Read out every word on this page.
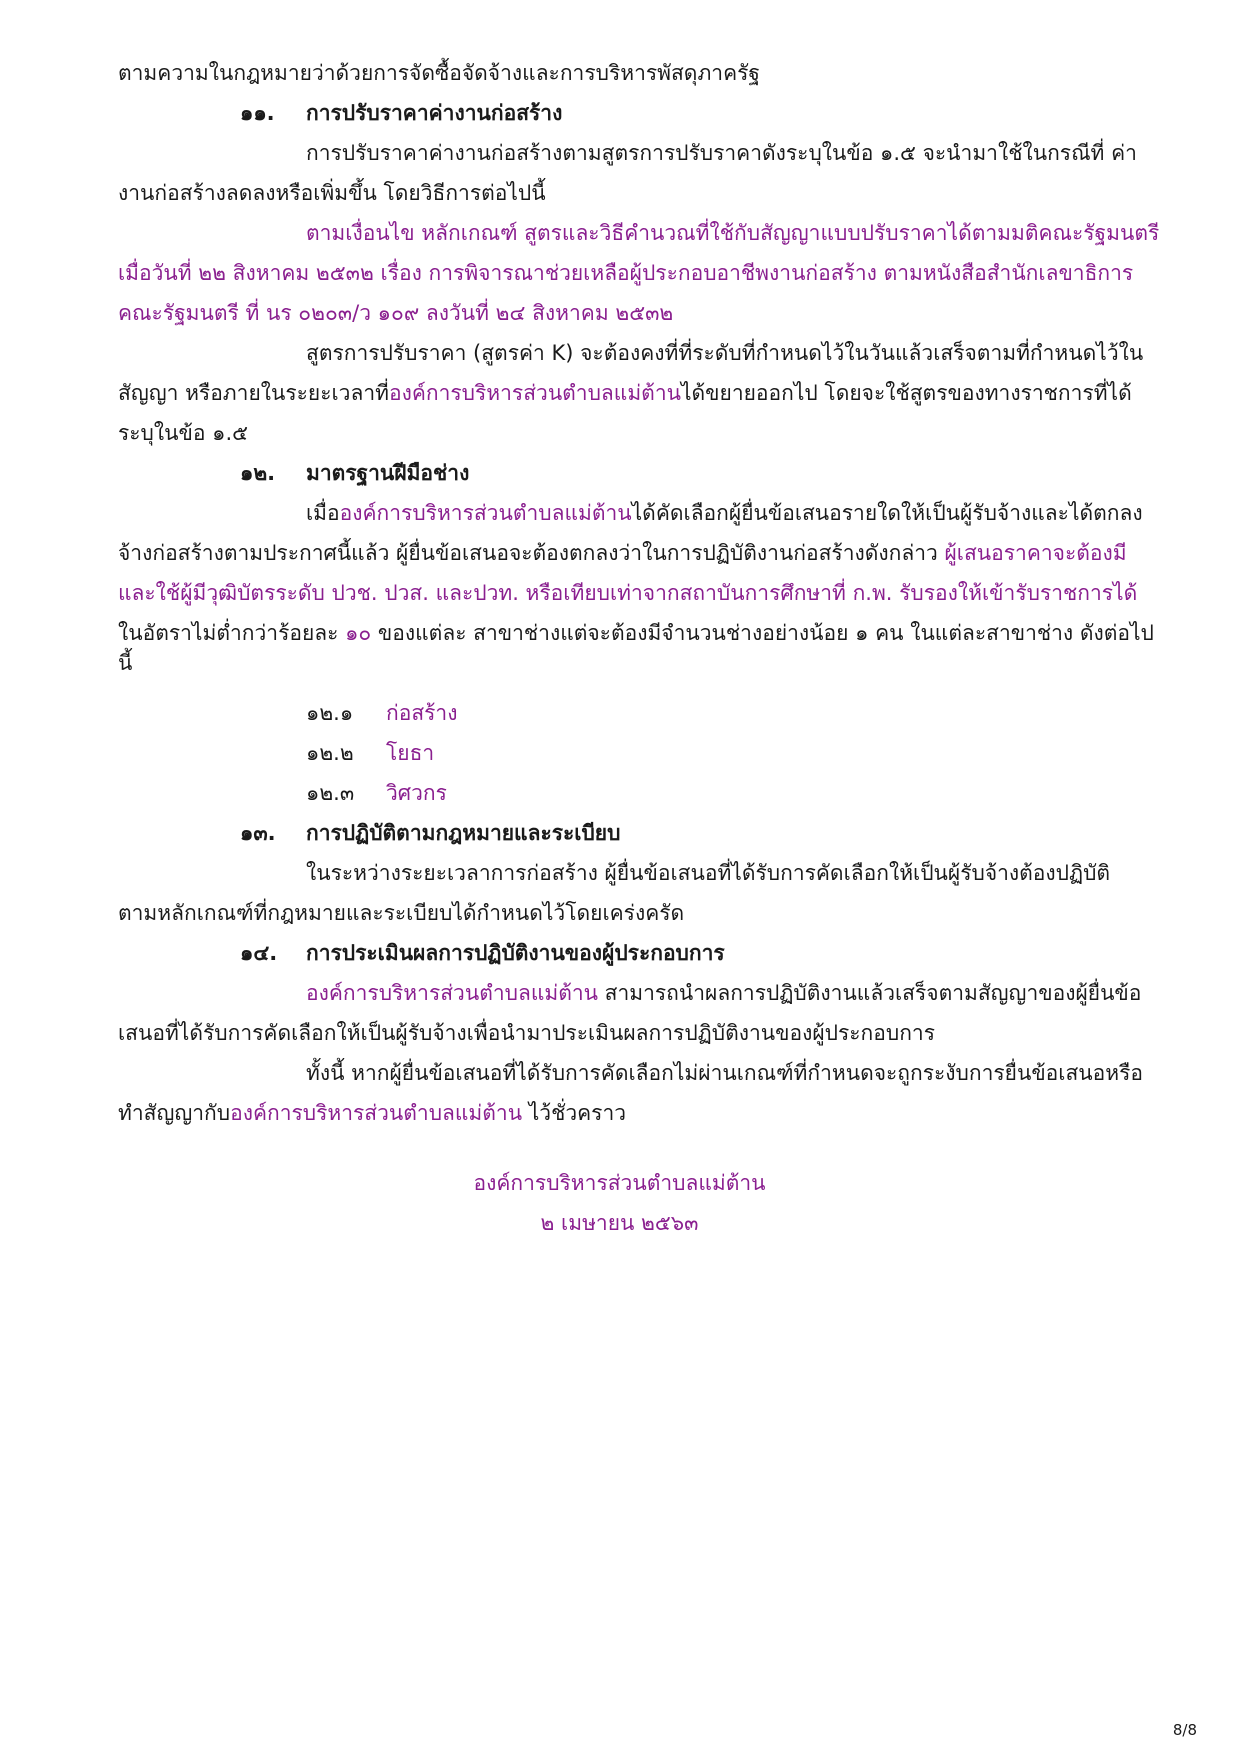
ตามความในกฎหมายว่าด้วยการจัดซื้อจัดจ้างและการบริหารพัสดุภาครัฐ
๑๑. การปรับราคาค่างานก่อสร้าง
การปรับราคาค่างานก่อสร้างตามสูตรการปรับราคาดังระบุในข้อ ๑.๕ จะนำมาใช้ในกรณีที่ ค่า
งานก่อสร้างลดลงหรือเพิ่มขึ้น โดยวิธีการต่อไปนี้
ตามเงื่อนไข หลักเกณฑ์ สูตรและวิธีคำนวณที่ใช้กับสัญญาแบบปรับราคาได้ตามมติคณะรัฐมนตรี
เมื่อวันที่ ๒๒ สิงหาคม ๒๕๓๒ เรื่อง การพิจารณาช่วยเหลือผู้ประกอบอาชีพงานก่อสร้าง ตามหนังสือสำนักเลขาธิการ
คณะรัฐมนตรี ที่ นร ๐๒๐๓/ว ๑๐๙ ลงวันที่ ๒๔ สิงหาคม ๒๕๓๒
สูตรการปรับราคา (สูตรค่า K) จะต้องคงที่ที่ระดับที่กำหนดไว้ในวันแล้วเสร็จตามที่กำหนดไว้ใน
สัญญา หรือภายในระยะเวลาที่องค์การบริหารส่วนตำบลแม่ต้านได้ขยายออกไป โดยจะใช้สูตรของทางราชการที่ได้
ระบุในข้อ ๑.๕
๑๒. มาตรฐานฝีมือช่าง
เมื่อองค์การบริหารส่วนตำบลแม่ต้านได้คัดเลือกผู้ยื่นข้อเสนอรายใดให้เป็นผู้รับจ้างและได้ตกลง
จ้างก่อสร้างตามประกาศนี้แล้ว ผู้ยื่นข้อเสนอจะต้องตกลงว่าในการปฏิบัติงานก่อสร้างดังกล่าว ผู้เสนอราคาจะต้องมี
และใช้ผู้มีวุฒิบัตรระดับ ปวช. ปวส. และปวท. หรือเทียบเท่าจากสถาบันการศึกษาที่ ก.พ. รับรองให้เข้ารับราชการได้
ในอัตราไม่ต่ำกว่าร้อยละ ๑๐ ของแต่ละ สาขาช่างแต่จะต้องมีจำนวนช่างอย่างน้อย ๑ คน ในแต่ละสาขาช่าง ดังต่อไป
นี้
๑๒.๑ ก่อสร้าง
๑๒.๒ โยธา
๑๒.๓ วิศวกร
๑๓. การปฏิบัติตามกฎหมายและระเบียบ
ในระหว่างระยะเวลาการก่อสร้าง ผู้ยื่นข้อเสนอที่ได้รับการคัดเลือกให้เป็นผู้รับจ้างต้องปฏิบัติ
ตามหลักเกณฑ์ที่กฎหมายและระเบียบได้กำหนดไว้โดยเคร่งครัด
๑๔. การประเมินผลการปฏิบัติงานของผู้ประกอบการ
องค์การบริหารส่วนตำบลแม่ต้าน สามารถนำผลการปฏิบัติงานแล้วเสร็จตามสัญญาของผู้ยื่นข้อ
เสนอที่ได้รับการคัดเลือกให้เป็นผู้รับจ้างเพื่อนำมาประเมินผลการปฏิบัติงานของผู้ประกอบการ
ทั้งนี้ หากผู้ยื่นข้อเสนอที่ได้รับการคัดเลือกไม่ผ่านเกณฑ์ที่กำหนดจะถูกระงับการยื่นข้อเสนอหรือ
ทำสัญญากับองค์การบริหารส่วนตำบลแม่ต้าน ไว้ชั่วคราว
องค์การบริหารส่วนตำบลแม่ต้าน
๒ เมษายน ๒๕๖๓
8/8
